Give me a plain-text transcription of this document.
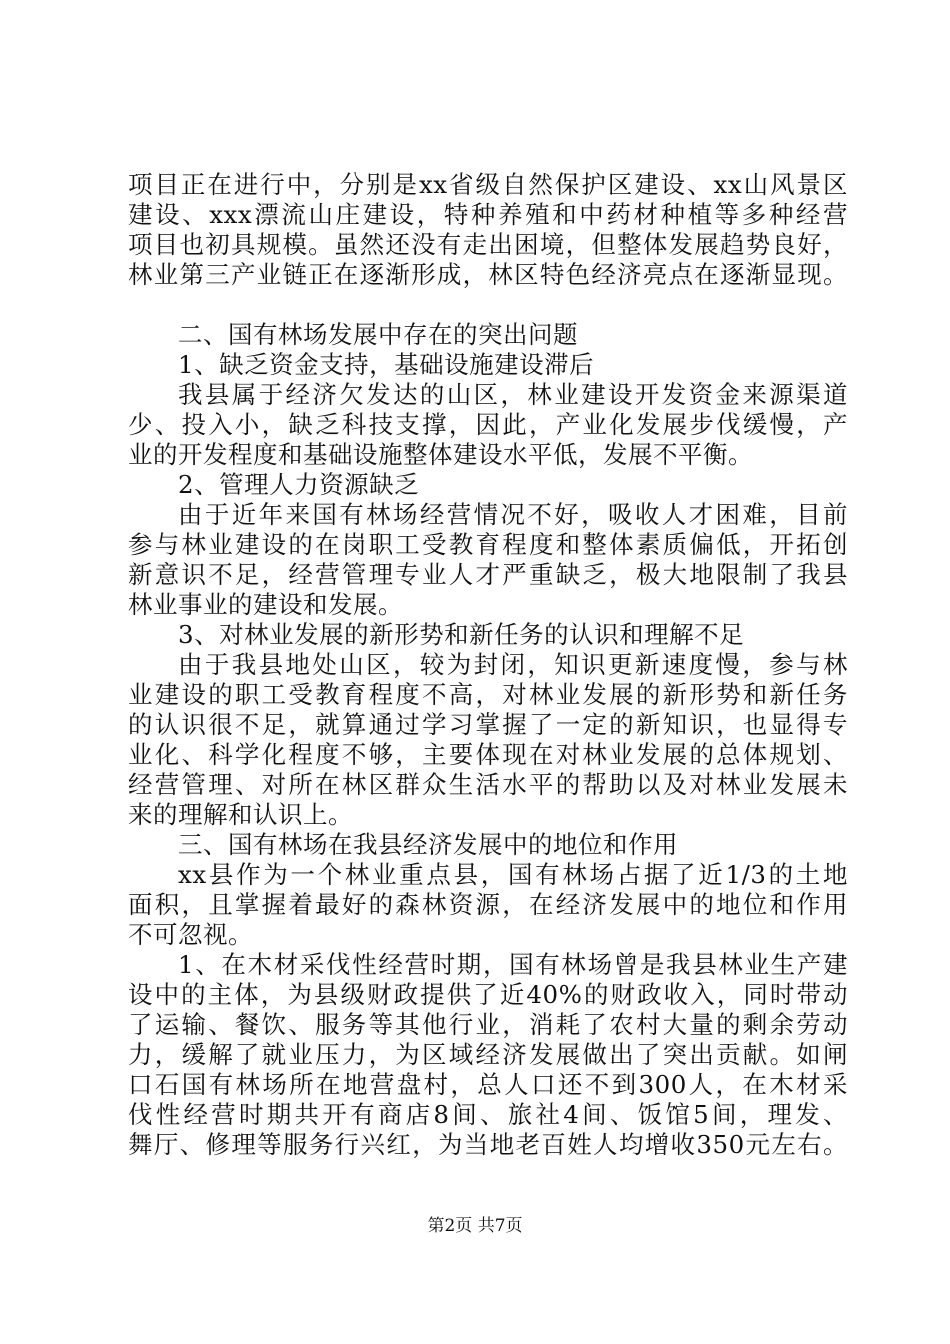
项目正在进行中，分别是xx省级自然保护区建设、xx山风景区
建设、xxx漂流山庄建设，特种养殖和中药材种植等多种经营
项目也初具规模。虽然还没有走出困境，但整体发展趋势良好，
林业第三产业链正在逐渐形成，林区特色经济亮点在逐渐显现。
二、国有林场发展中存在的突出问题
1、缺乏资金支持，基础设施建设滞后
我县属于经济欠发达的山区，林业建设开发资金来源渠道
少、投入小，缺乏科技支撑，因此，产业化发展步伐缓慢，产
业的开发程度和基础设施整体建设水平低，发展不平衡。
2、管理人力资源缺乏
由于近年来国有林场经营情况不好，吸收人才困难，目前
参与林业建设的在岗职工受教育程度和整体素质偏低，开拓创
新意识不足，经营管理专业人才严重缺乏，极大地限制了我县
林业事业的建设和发展。
3、对林业发展的新形势和新任务的认识和理解不足
由于我县地处山区，较为封闭，知识更新速度慢，参与林
业建设的职工受教育程度不高，对林业发展的新形势和新任务
的认识很不足，就算通过学习掌握了一定的新知识，也显得专
业化、科学化程度不够，主要体现在对林业发展的总体规划、
经营管理、对所在林区群众生活水平的帮助以及对林业发展未
来的理解和认识上。
三、国有林场在我县经济发展中的地位和作用
xx县作为一个林业重点县，国有林场占据了近1/3的土地
面积，且掌握着最好的森林资源，在经济发展中的地位和作用
不可忽视。
1、在木材采伐性经营时期，国有林场曾是我县林业生产建
设中的主体，为县级财政提供了近40%的财政收入，同时带动
了运输、餐饮、服务等其他行业，消耗了农村大量的剩余劳动
力，缓解了就业压力，为区域经济发展做出了突出贡献。如闸
口石国有林场所在地营盘村，总人口还不到300人，在木材采
伐性经营时期共开有商店8间、旅社4间、饭馆5间，理发、
舞厅、修理等服务行兴红，为当地老百姓人均增收350元左右。
第2页 共7页
